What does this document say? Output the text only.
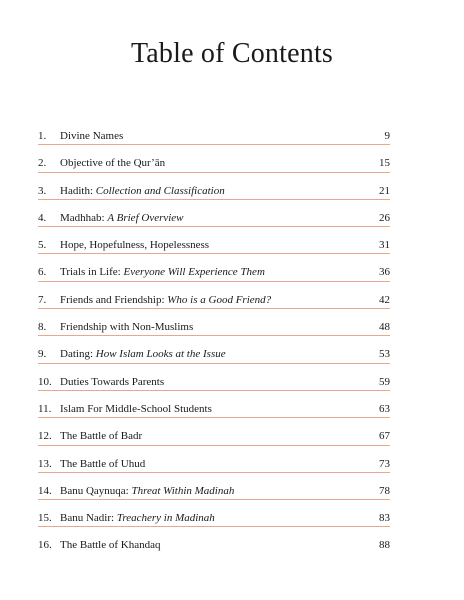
Table of Contents
1.	Divine Names	9
2.	Objective of the Qur’ān	15
3.	Hadith: Collection and Classification	21
4.	Madhhab: A Brief Overview	26
5.	Hope, Hopefulness, Hopelessness	31
6.	Trials in Life: Everyone Will Experience Them	36
7.	Friends and Friendship: Who is a Good Friend?	42
8.	Friendship with Non-Muslims	48
9.	Dating: How Islam Looks at the Issue	53
10. Duties Towards Parents	59
11. Islam For Middle-School Students	63
12. The Battle of Badr	67
13. The Battle of Uhud	73
14. Banu Qaynuqa: Threat Within Madinah	78
15. Banu Nadir: Treachery in Madinah	83
16. The Battle of Khandaq	88
